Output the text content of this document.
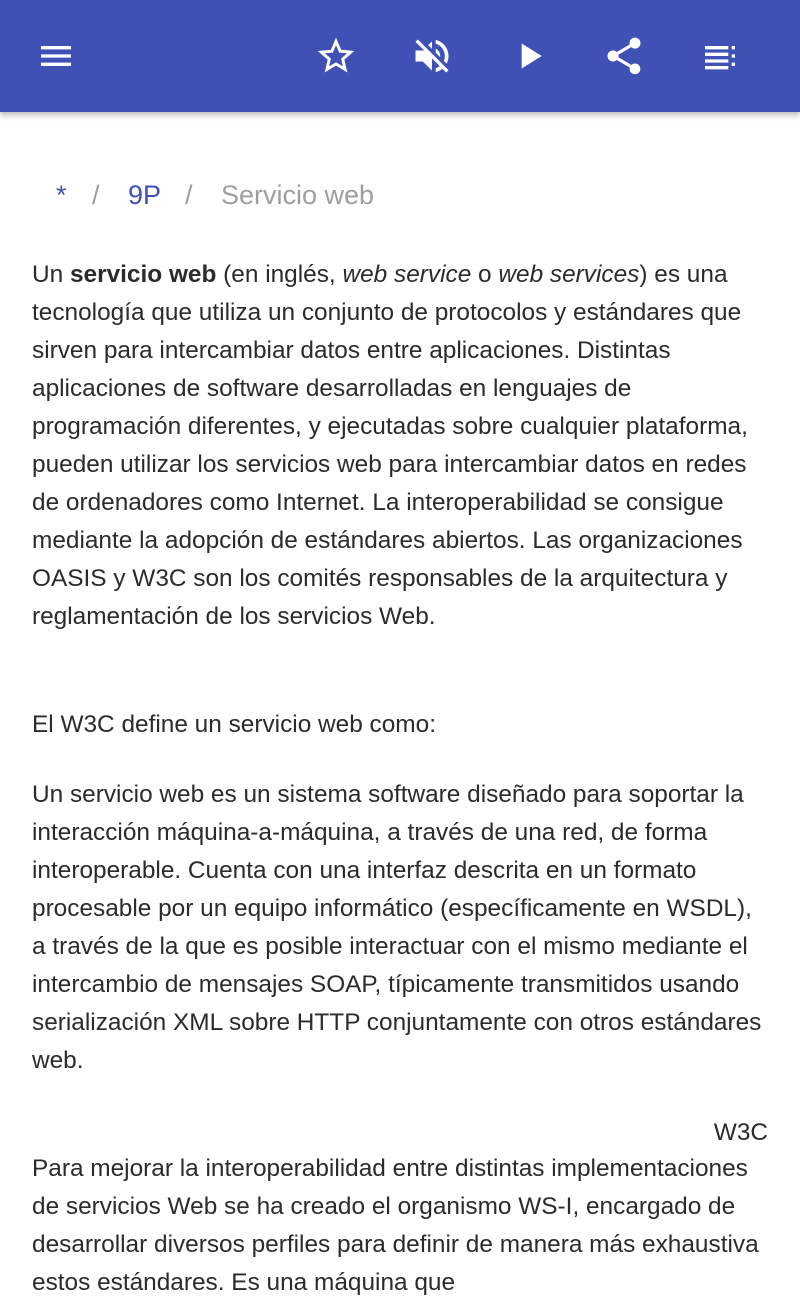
* / 9P / Servicio web

Un servicio web (en inglés, web service o web services) es una tecnología que utiliza un conjunto de protocolos y estándares que sirven para intercambiar datos entre aplicaciones. Distintas aplicaciones de software desarrolladas en lenguajes de programación diferentes, y ejecutadas sobre cualquier plataforma, pueden utilizar los servicios web para intercambiar datos en redes de ordenadores como Internet. La interoperabilidad se consigue mediante la adopción de estándares abiertos. Las organizaciones OASIS y W3C son los comités responsables de la arquitectura y reglamentación de los servicios Web.

El W3C define un servicio web como:

Un servicio web es un sistema software diseñado para soportar la interacción máquina-a-máquina, a través de una red, de forma interoperable. Cuenta con una interfaz descrita en un formato procesable por un equipo informático (específicamente en WSDL), a través de la que es posible interactuar con el mismo mediante el intercambio de mensajes SOAP, típicamente transmitidos usando serialización XML sobre HTTP conjuntamente con otros estándares web.

W3C

Para mejorar la interoperabilidad entre distintas implementaciones de servicios Web se ha creado el organismo WS-I, encargado de desarrollar diversos perfiles para definir de manera más exhaustiva estos estándares. Es una máquina que
